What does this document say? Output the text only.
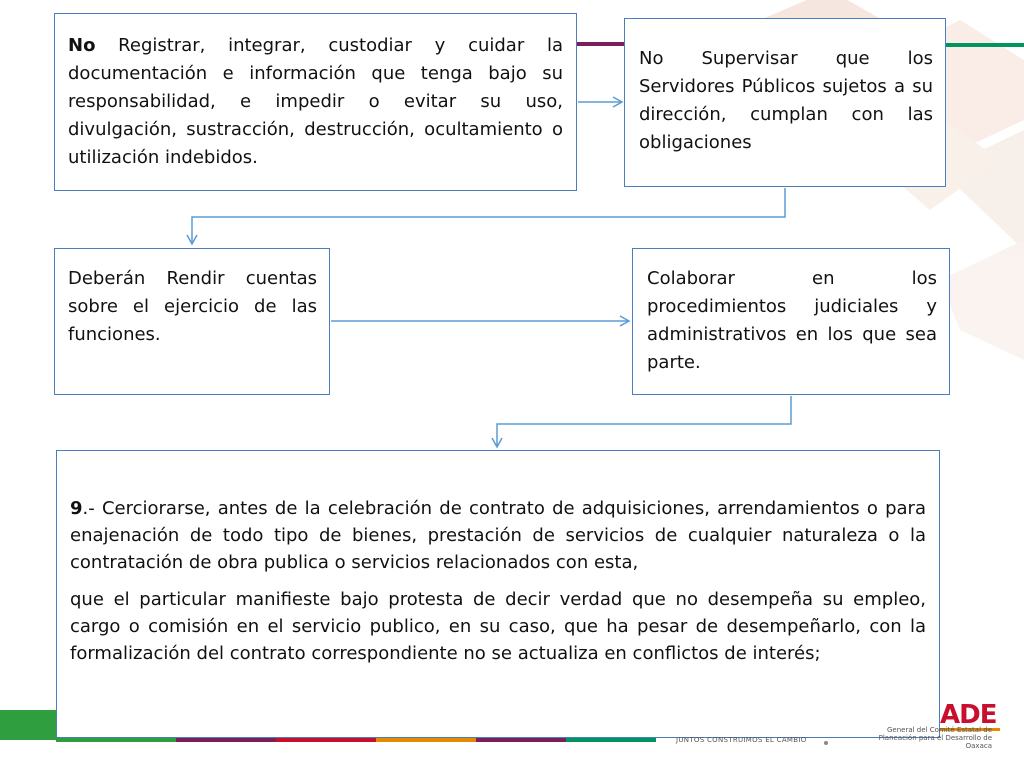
No Registrar, integrar, custodiar y cuidar la documentación e información que tenga bajo su responsabilidad, e impedir o evitar su uso, divulgación, sustracción, destrucción, ocultamiento o utilización indebidos.

No Supervisar que los Servidores Públicos sujetos a su dirección, cumplan con las obligaciones

Deberán Rendir cuentas sobre el ejercicio de las funciones.

Colaborar en los procedimientos judiciales y administrativos en los que sea parte.

9.- Cerciorarse, antes de la celebración de contrato de adquisiciones, arrendamientos o para enajenación de todo tipo de bienes, prestación de servicios de cualquier naturaleza o la contratación de obra publica o servicios relacionados con esta,

que el particular manifieste bajo protesta de decir verdad que no desempeña su empleo, cargo o comisión en el servicio publico, en su caso, que ha pesar de desempeñarlo, con la formalización del contrato correspondiente no se actualiza en conflictos de interés;

JUNTOS CONSTRUIMOS EL CAMBIO
ADE
General del Comité Estatal de Planeación para el Desarrollo de Oaxaca
